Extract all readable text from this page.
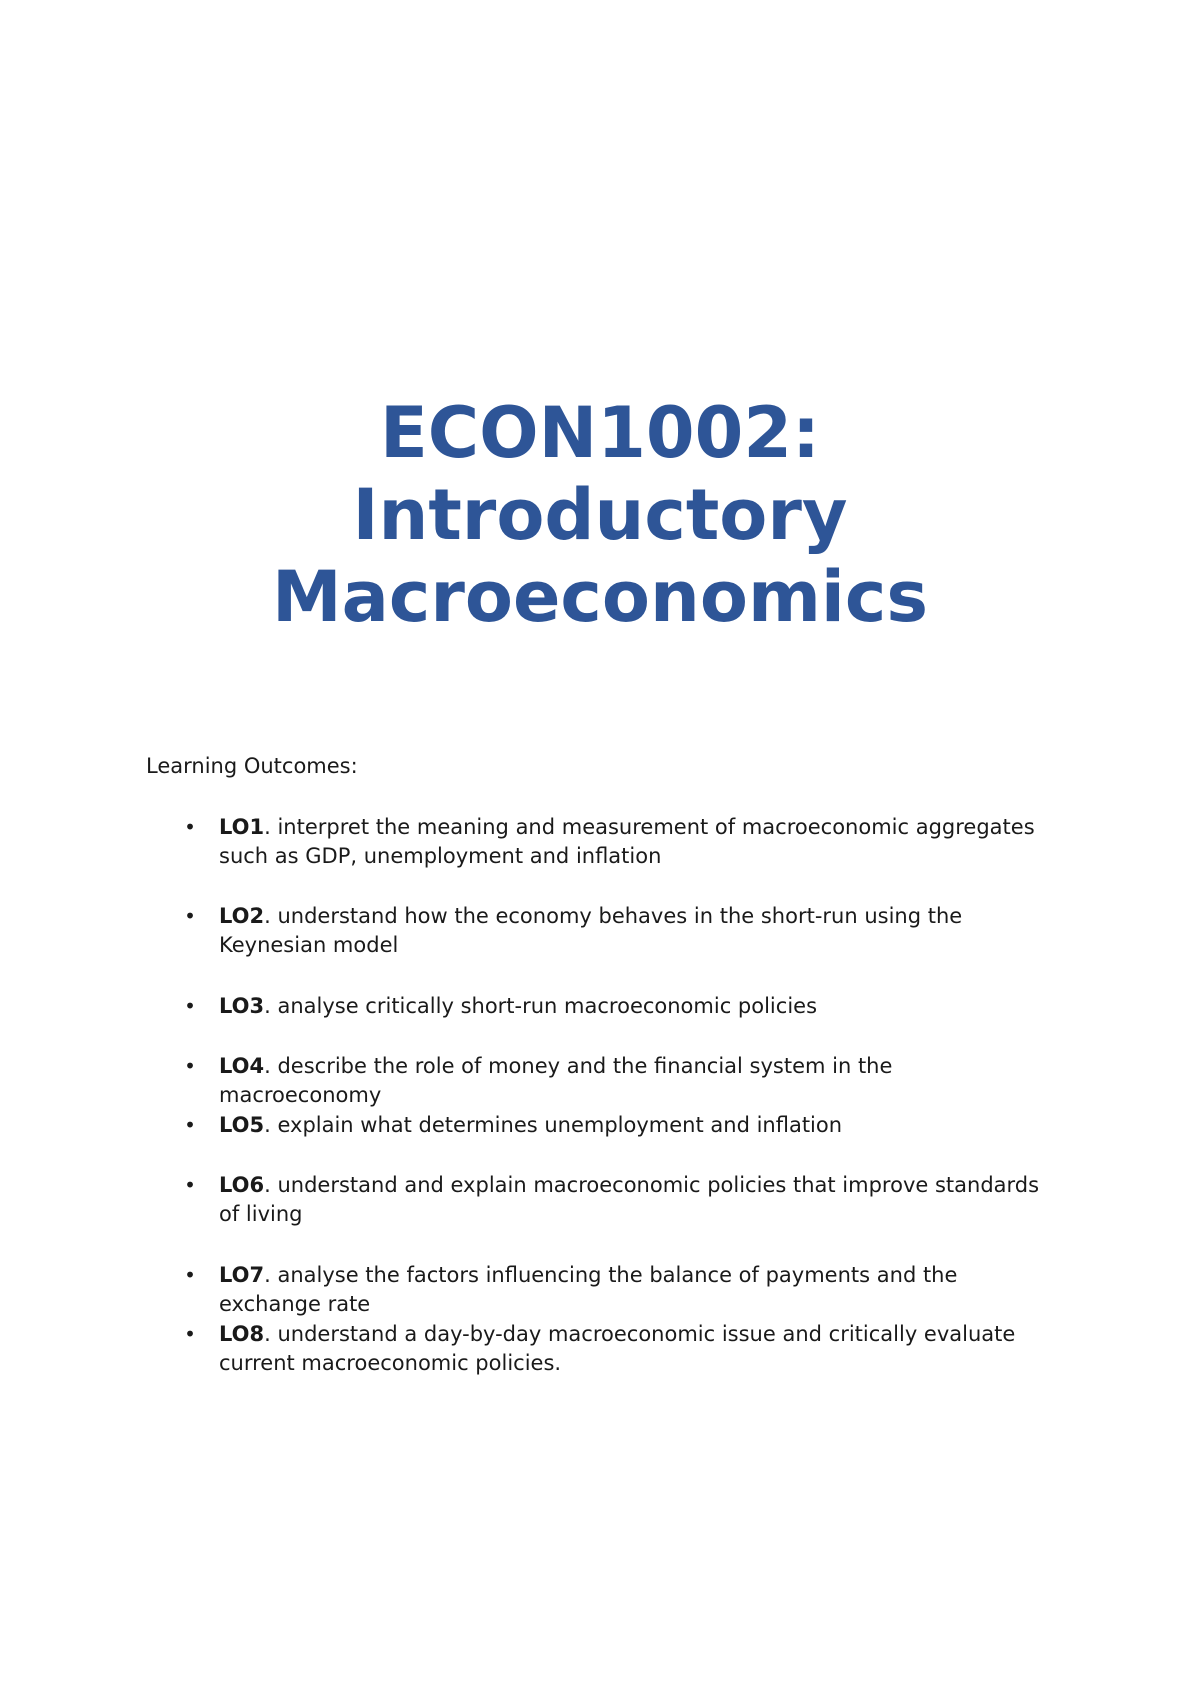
ECON1002:
Introductory
Macroeconomics

Learning Outcomes:

• LO1. interpret the meaning and measurement of macroeconomic aggregates such as GDP, unemployment and inflation
• LO2. understand how the economy behaves in the short-run using the Keynesian model
• LO3. analyse critically short-run macroeconomic policies
• LO4. describe the role of money and the financial system in the macroeconomy
• LO5. explain what determines unemployment and inflation
• LO6. understand and explain macroeconomic policies that improve standards of living
• LO7. analyse the factors influencing the balance of payments and the exchange rate
• LO8. understand a day-by-day macroeconomic issue and critically evaluate current macroeconomic policies.
